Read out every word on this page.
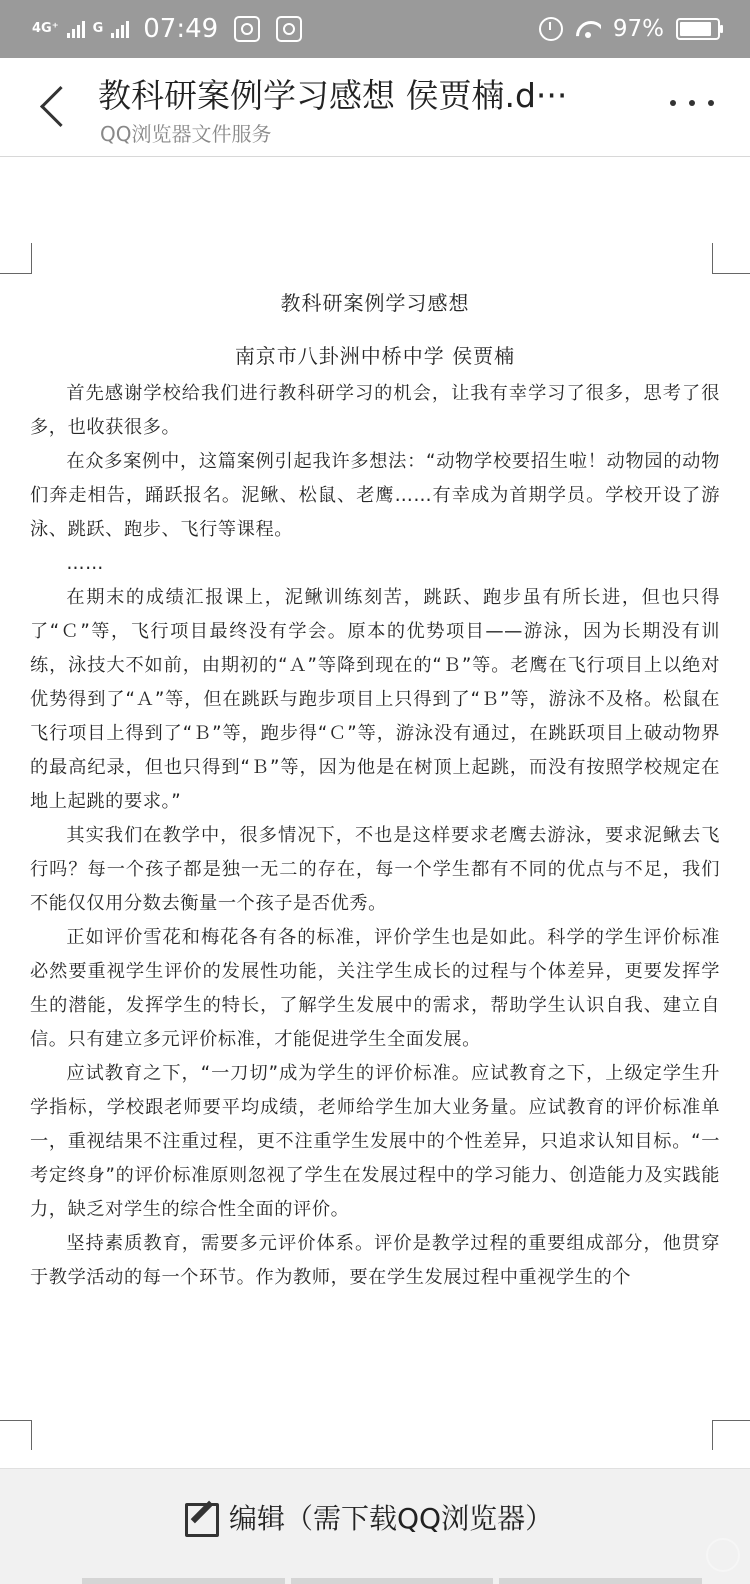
4G⁺	G 07:49	97%
教科研案例学习感想 侯贾楠.d···
QQ浏览器文件服务
教科研案例学习感想
南京市八卦洲中桥中学 侯贾楠

首先感谢学校给我们进行教科研学习的机会，让我有幸学习了很多，思考了很多，也收获很多。

在众多案例中，这篇案例引起我许多想法：“动物学校要招生啦！动物园的动物们奔走相告，踊跃报名。泥鳅、松鼠、老鹰……有幸成为首期学员。学校开设了游泳、跳跃、跑步、飞行等课程。

……

在期末的成绩汇报课上，泥鳅训练刻苦，跳跃、跑步虽有所长进，但也只得了“Ｃ”等，飞行项目最终没有学会。原本的优势项目——游泳，因为长期没有训练，泳技大不如前，由期初的“Ａ”等降到现在的“Ｂ”等。老鹰在飞行项目上以绝对优势得到了“Ａ”等，但在跳跃与跑步项目上只得到了“Ｂ”等，游泳不及格。松鼠在飞行项目上得到了“Ｂ”等，跑步得“Ｃ”等，游泳没有通过，在跳跃项目上破动物界的最高纪录，但也只得到“Ｂ”等，因为他是在树顶上起跳，而没有按照学校规定在地上起跳的要求。”

其实我们在教学中，很多情况下，不也是这样要求老鹰去游泳，要求泥鳅去飞行吗？每一个孩子都是独一无二的存在，每一个学生都有不同的优点与不足，我们不能仅仅用分数去衡量一个孩子是否优秀。

正如评价雪花和梅花各有各的标准，评价学生也是如此。科学的学生评价标准必然要重视学生评价的发展性功能，关注学生成长的过程与个体差异，更要发挥学生的潜能，发挥学生的特长，了解学生发展中的需求，帮助学生认识自我、建立自信。只有建立多元评价标准，才能促进学生全面发展。

应试教育之下，“一刀切”成为学生的评价标准。应试教育之下，上级定学生升学指标，学校跟老师要平均成绩，老师给学生加大业务量。应试教育的评价标准单一，重视结果不注重过程，更不注重学生发展中的个性差异，只追求认知目标。“一考定终身”的评价标准原则忽视了学生在发展过程中的学习能力、创造能力及实践能力，缺乏对学生的综合性全面的评价。

坚持素质教育，需要多元评价体系。评价是教学过程的重要组成部分，他贯穿于教学活动的每一个环节。作为教师，要在学生发展过程中重视学生的个

编辑（需下载QQ浏览器）
